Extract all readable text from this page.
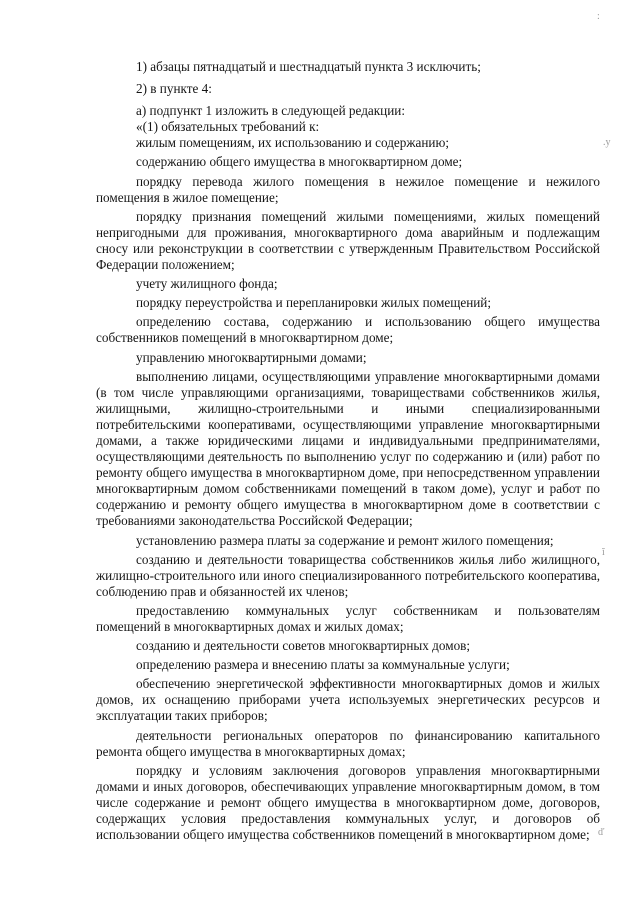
:
.у
ĭ
ď

1) абзацы пятнадцатый и шестнадцатый пункта 3 исключить;

2) в пункте 4:

а) подпункт 1 изложить в следующей редакции:

«(1) обязательных требований к:

жилым помещениям, их использованию и содержанию;

содержанию общего имущества в многоквартирном доме;

порядку перевода жилого помещения в нежилое помещение и нежилого помещения в жилое помещение;

порядку признания помещений жилыми помещениями, жилых помещений непригодными для проживания, многоквартирного дома аварийным и подлежащим сносу или реконструкции в соответствии с утвержденным Правительством Российской Федерации положением;

учету жилищного фонда;

порядку переустройства и перепланировки жилых помещений;

определению состава, содержанию и использованию общего имущества собственников помещений в многоквартирном доме;

управлению многоквартирными домами;

выполнению лицами, осуществляющими управление многоквартирными домами (в том числе управляющими организациями, товариществами собственников жилья, жилищными, жилищно-строительными и иными специализированными потребительскими кооперативами, осуществляющими управление многоквартирными домами, а также юридическими лицами и индивидуальными предпринимателями, осуществляющими деятельность по выполнению услуг по содержанию и (или) работ по ремонту общего имущества в многоквартирном доме, при непосредственном управлении многоквартирным домом собственниками помещений в таком доме), услуг и работ по содержанию и ремонту общего имущества в многоквартирном доме в соответствии с требованиями законодательства Российской Федерации;

установлению размера платы за содержание и ремонт жилого помещения;

созданию и деятельности товарищества собственников жилья либо жилищного, жилищно-строительного или иного специализированного потребительского кооператива, соблюдению прав и обязанностей их членов;

предоставлению коммунальных услуг собственникам и пользователям помещений в многоквартирных домах и жилых домах;

созданию и деятельности советов многоквартирных домов;

определению размера и внесению платы за коммунальные услуги;

обеспечению энергетической эффективности многоквартирных домов и жилых домов, их оснащению приборами учета используемых энергетических ресурсов и эксплуатации таких приборов;

деятельности региональных операторов по финансированию капитального ремонта общего имущества в многоквартирных домах;

порядку и условиям заключения договоров управления многоквартирными домами и иных договоров, обеспечивающих управление многоквартирным домом, в том числе содержание и ремонт общего имущества в многоквартирном доме, договоров, содержащих условия предоставления коммунальных услуг, и договоров об использовании общего имущества собственников помещений в многоквартирном доме;
